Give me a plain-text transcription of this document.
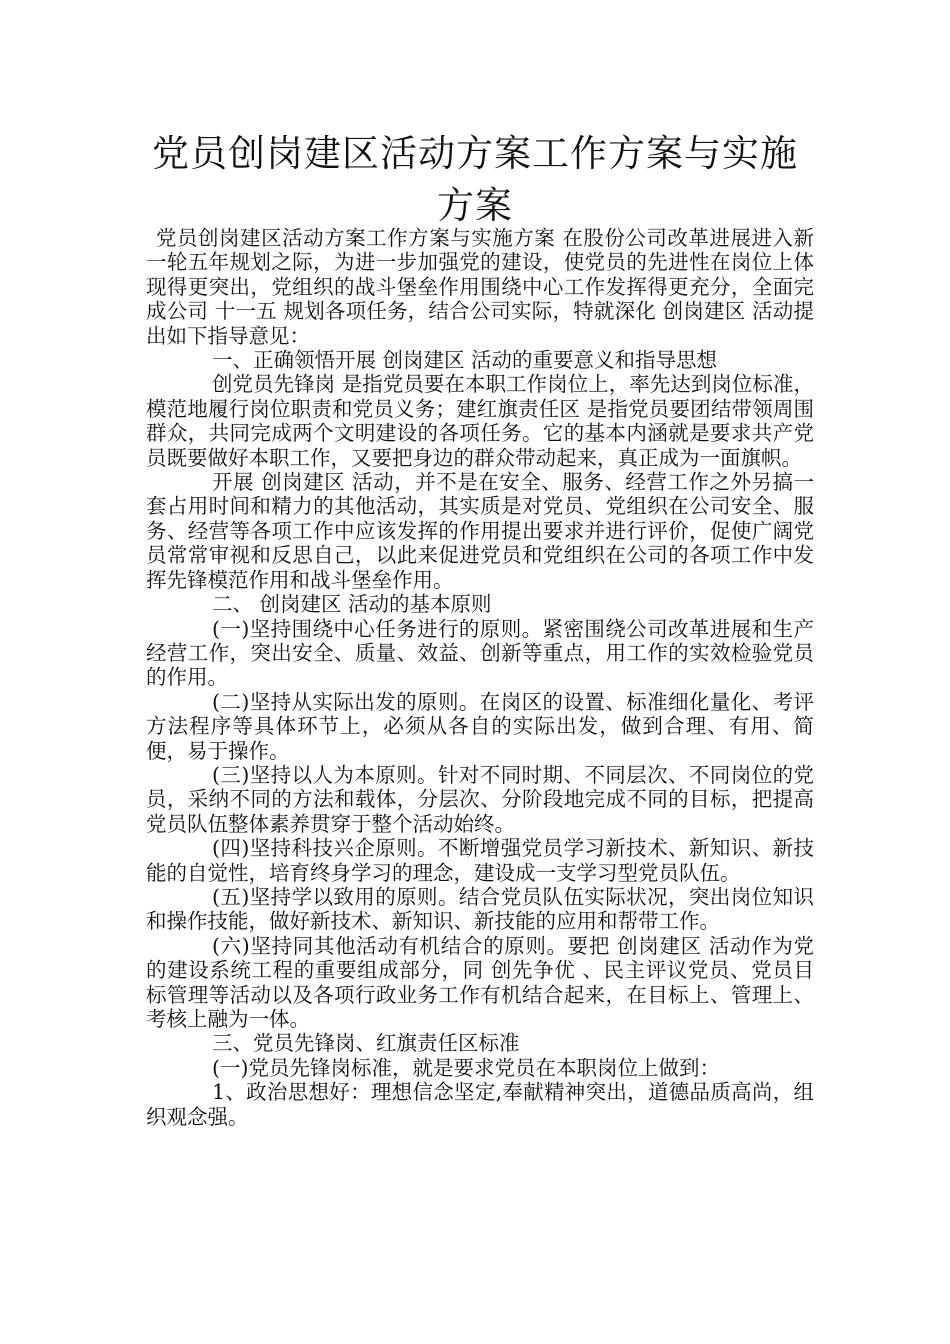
党员创岗建区活动方案工作方案与实施方案

党员创岗建区活动方案工作方案与实施方案 在股份公司改革进展进入新一轮五年规划之际，为进一步加强党的建设，使党员的先进性在岗位上体现得更突出，党组织的战斗堡垒作用围绕中心工作发挥得更充分，全面完成公司 十一五 规划各项任务，结合公司实际，特就深化 创岗建区 活动提出如下指导意见：

一、正确领悟开展 创岗建区 活动的重要意义和指导思想

创党员先锋岗 是指党员要在本职工作岗位上，率先达到岗位标准，模范地履行岗位职责和党员义务；建红旗责任区 是指党员要团结带领周围群众，共同完成两个文明建设的各项任务。它的基本内涵就是要求共产党员既要做好本职工作，又要把身边的群众带动起来，真正成为一面旗帜。

开展 创岗建区 活动，并不是在安全、服务、经营工作之外另搞一套占用时间和精力的其他活动，其实质是对党员、党组织在公司安全、服务、经营等各项工作中应该发挥的作用提出要求并进行评价，促使广阔党员常常审视和反思自己，以此来促进党员和党组织在公司的各项工作中发挥先锋模范作用和战斗堡垒作用。

二、 创岗建区 活动的基本原则

(一)坚持围绕中心任务进行的原则。紧密围绕公司改革进展和生产经营工作，突出安全、质量、效益、创新等重点，用工作的实效检验党员的作用。

(二)坚持从实际出发的原则。在岗区的设置、标准细化量化、考评方法程序等具体环节上，必须从各自的实际出发，做到合理、有用、简便，易于操作。

(三)坚持以人为本原则。针对不同时期、不同层次、不同岗位的党员，采纳不同的方法和载体，分层次、分阶段地完成不同的目标，把提高党员队伍整体素养贯穿于整个活动始终。

(四)坚持科技兴企原则。不断增强党员学习新技术、新知识、新技能的自觉性，培育终身学习的理念，建设成一支学习型党员队伍。

(五)坚持学以致用的原则。结合党员队伍实际状况，突出岗位知识和操作技能，做好新技术、新知识、新技能的应用和帮带工作。

(六)坚持同其他活动有机结合的原则。要把 创岗建区 活动作为党的建设系统工程的重要组成部分，同 创先争优 、民主评议党员、党员目标管理等活动以及各项行政业务工作有机结合起来，在目标上、管理上、考核上融为一体。

三、党员先锋岗、红旗责任区标准

(一)党员先锋岗标准，就是要求党员在本职岗位上做到：

1、政治思想好：理想信念坚定,奉献精神突出，道德品质高尚，组织观念强。
